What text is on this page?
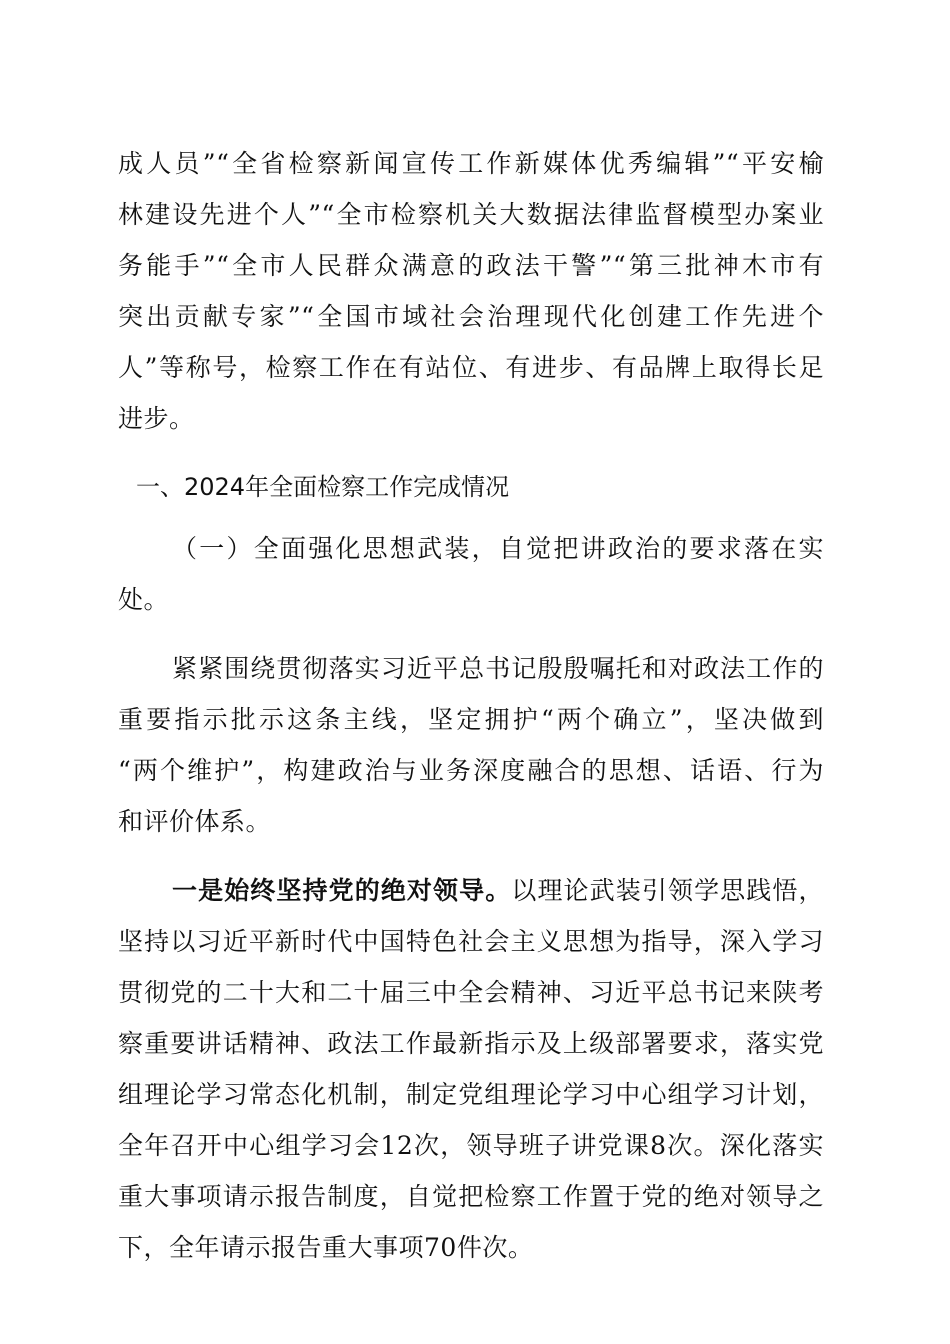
成人员”“全省检察新闻宣传工作新媒体优秀编辑”“平安榆
林建设先进个人”“全市检察机关大数据法律监督模型办案业
务能手”“全市人民群众满意的政法干警”“第三批神木市有
突出贡献专家”“全国市域社会治理现代化创建工作先进个
人”等称号，检察工作在有站位、有进步、有品牌上取得长足
进步。
一、2024年全面检察工作完成情况
（一）全面强化思想武装，自觉把讲政治的要求落在实
处。
紧紧围绕贯彻落实习近平总书记殷殷嘱托和对政法工作的
重要指示批示这条主线，坚定拥护“两个确立”，坚决做到
“两个维护”，构建政治与业务深度融合的思想、话语、行为
和评价体系。
一是始终坚持党的绝对领导。以理论武装引领学思践悟，
坚持以习近平新时代中国特色社会主义思想为指导，深入学习
贯彻党的二十大和二十届三中全会精神、习近平总书记来陕考
察重要讲话精神、政法工作最新指示及上级部署要求，落实党
组理论学习常态化机制，制定党组理论学习中心组学习计划，
全年召开中心组学习会12次，领导班子讲党课8次。深化落实
重大事项请示报告制度，自觉把检察工作置于党的绝对领导之
下，全年请示报告重大事项70件次。
